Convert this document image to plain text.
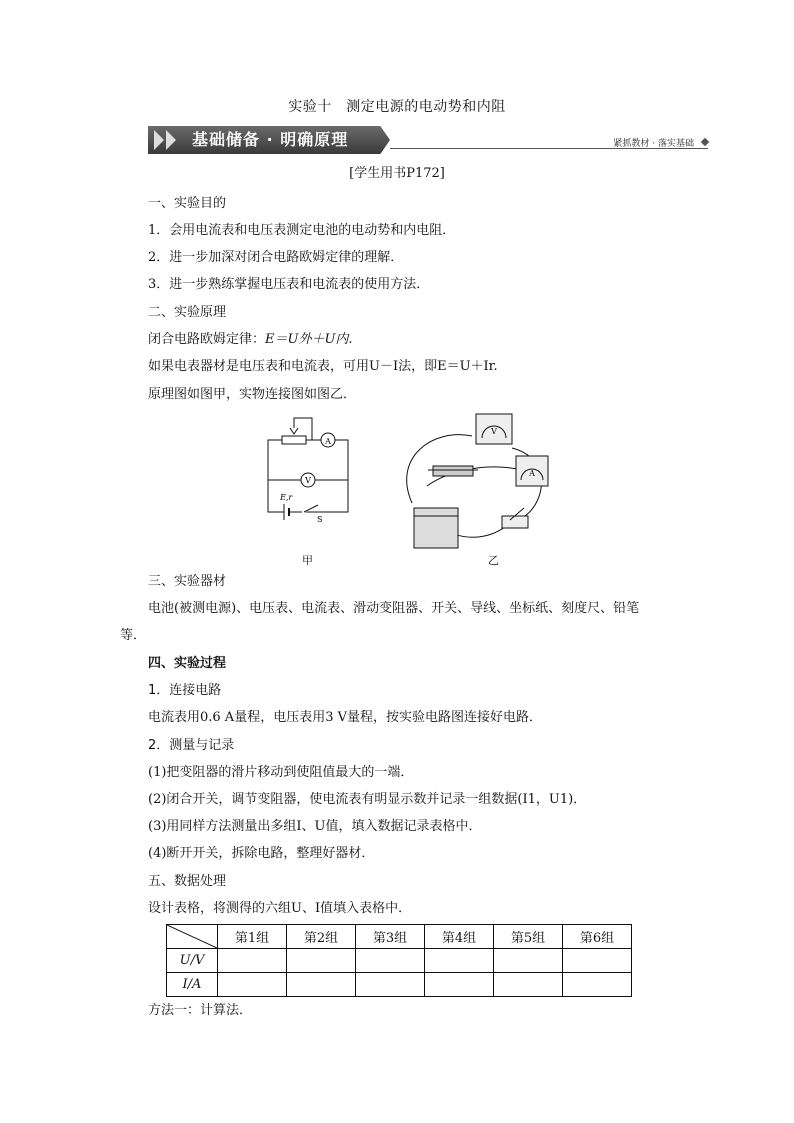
实验十　测定电源的电动势和内阻
基础储备 · 明确原理	紧抓教材 · 落实基础
[学生用书P172]
一、实验目的
1．会用电流表和电压表测定电池的电动势和内电阻．
2．进一步加深对闭合电路欧姆定律的理解．
3．进一步熟练掌握电压表和电流表的使用方法．
二、实验原理
闭合电路欧姆定律：E＝U外＋U内.
如果电表器材是电压表和电流表，可用U－I法，即E＝U＋Ir.
原理图如图甲，实物连接图如图乙．
A
V
E,r
S
V
A
甲	乙
三、实验器材
电池(被测电源)、电压表、电流表、滑动变阻器、开关、导线、坐标纸、刻度尺、铅笔
等．
四、实验过程
1．连接电路
电流表用0.6 A量程，电压表用3 V量程，按实验电路图连接好电路．
2．测量与记录
(1)把变阻器的滑片移动到使阻值最大的一端．
(2)闭合开关，调节变阻器，使电流表有明显示数并记录一组数据(I1，U1)．
(3)用同样方法测量出多组I、U值，填入数据记录表格中．
(4)断开开关，拆除电路，整理好器材．
五、数据处理
设计表格，将测得的六组U、I值填入表格中．
	第1组	第2组	第3组	第4组	第5组	第6组
U/V						
I/A						
方法一：计算法．
